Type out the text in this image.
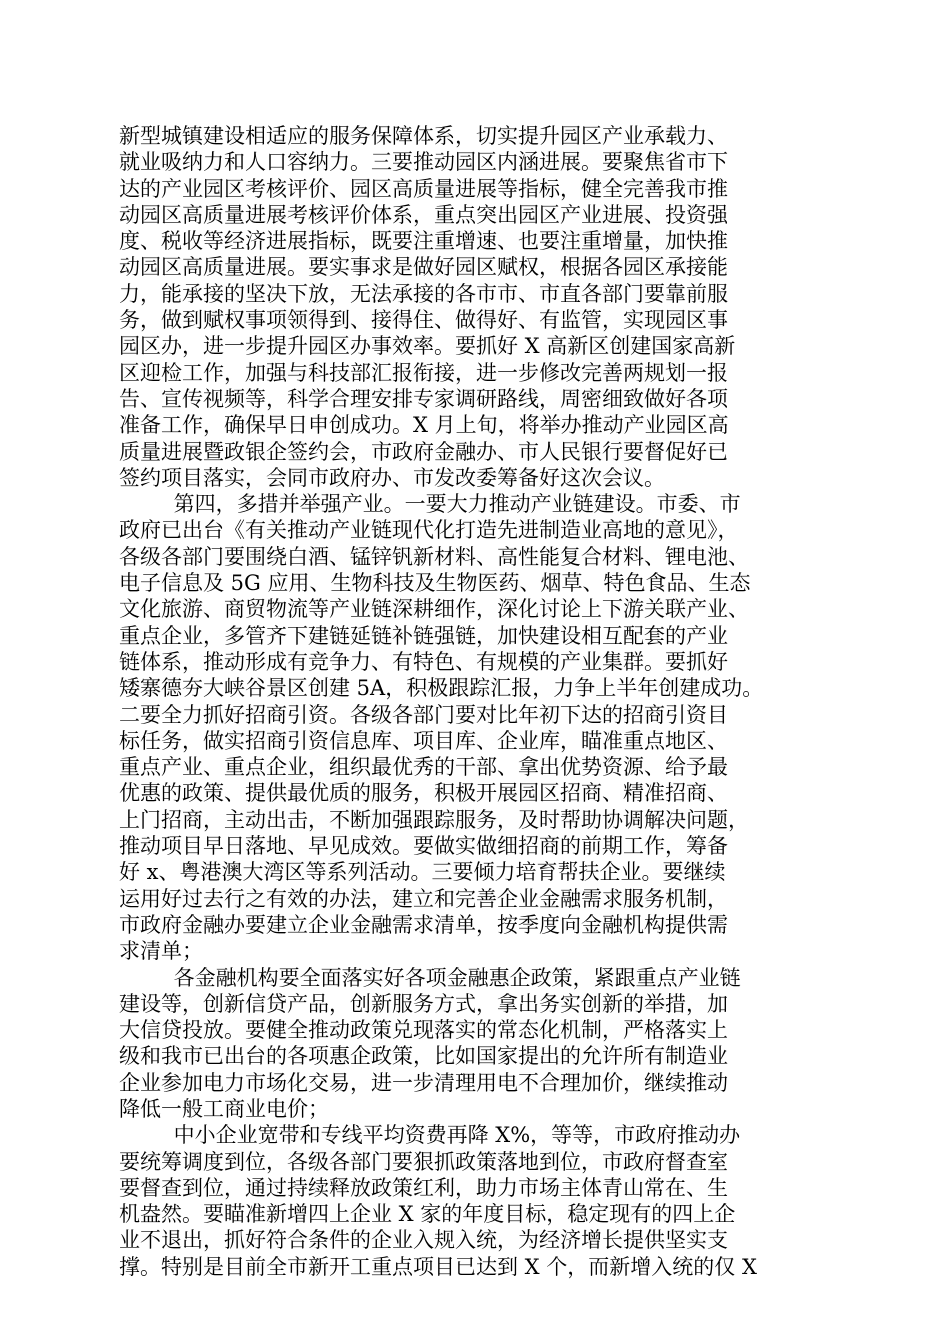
新型城镇建设相适应的服务保障体系，切实提升园区产业承载力、
就业吸纳力和人口容纳力。三要推动园区内涵进展。要聚焦省市下
达的产业园区考核评价、园区高质量进展等指标，健全完善我市推
动园区高质量进展考核评价体系，重点突出园区产业进展、投资强
度、税收等经济进展指标，既要注重增速、也要注重增量，加快推
动园区高质量进展。要实事求是做好园区赋权，根据各园区承接能
力，能承接的坚决下放，无法承接的各市市、市直各部门要靠前服
务，做到赋权事项领得到、接得住、做得好、有监管，实现园区事
园区办，进一步提升园区办事效率。要抓好 X 高新区创建国家高新
区迎检工作，加强与科技部汇报衔接，进一步修改完善两规划一报
告、宣传视频等，科学合理安排专家调研路线，周密细致做好各项
准备工作，确保早日申创成功。X 月上旬，将举办推动产业园区高
质量进展暨政银企签约会，市政府金融办、市人民银行要督促好已
签约项目落实，会同市政府办、市发改委筹备好这次会议。
第四，多措并举强产业。一要大力推动产业链建设。市委、市
政府已出台《有关推动产业链现代化打造先进制造业高地的意见》，
各级各部门要围绕白酒、锰锌钒新材料、高性能复合材料、锂电池、
电子信息及 5G 应用、生物科技及生物医药、烟草、特色食品、生态
文化旅游、商贸物流等产业链深耕细作，深化讨论上下游关联产业、
重点企业，多管齐下建链延链补链强链，加快建设相互配套的产业
链体系，推动形成有竞争力、有特色、有规模的产业集群。要抓好
矮寨德夯大峡谷景区创建 5A，积极跟踪汇报，力争上半年创建成功。
二要全力抓好招商引资。各级各部门要对比年初下达的招商引资目
标任务，做实招商引资信息库、项目库、企业库，瞄准重点地区、
重点产业、重点企业，组织最优秀的干部、拿出优势资源、给予最
优惠的政策、提供最优质的服务，积极开展园区招商、精准招商、
上门招商，主动出击，不断加强跟踪服务，及时帮助协调解决问题，
推动项目早日落地、早见成效。要做实做细招商的前期工作，筹备
好 x、粤港澳大湾区等系列活动。三要倾力培育帮扶企业。要继续
运用好过去行之有效的办法，建立和完善企业金融需求服务机制，
市政府金融办要建立企业金融需求清单，按季度向金融机构提供需
求清单；
各金融机构要全面落实好各项金融惠企政策，紧跟重点产业链
建设等，创新信贷产品，创新服务方式，拿出务实创新的举措，加
大信贷投放。要健全推动政策兑现落实的常态化机制，严格落实上
级和我市已出台的各项惠企政策，比如国家提出的允许所有制造业
企业参加电力市场化交易，进一步清理用电不合理加价，继续推动
降低一般工商业电价；
中小企业宽带和专线平均资费再降 X%，等等，市政府推动办
要统筹调度到位，各级各部门要狠抓政策落地到位，市政府督查室
要督查到位，通过持续释放政策红利，助力市场主体青山常在、生
机盎然。要瞄准新增四上企业 X 家的年度目标，稳定现有的四上企
业不退出，抓好符合条件的企业入规入统，为经济增长提供坚实支
撑。特别是目前全市新开工重点项目已达到 X 个，而新增入统的仅 X
